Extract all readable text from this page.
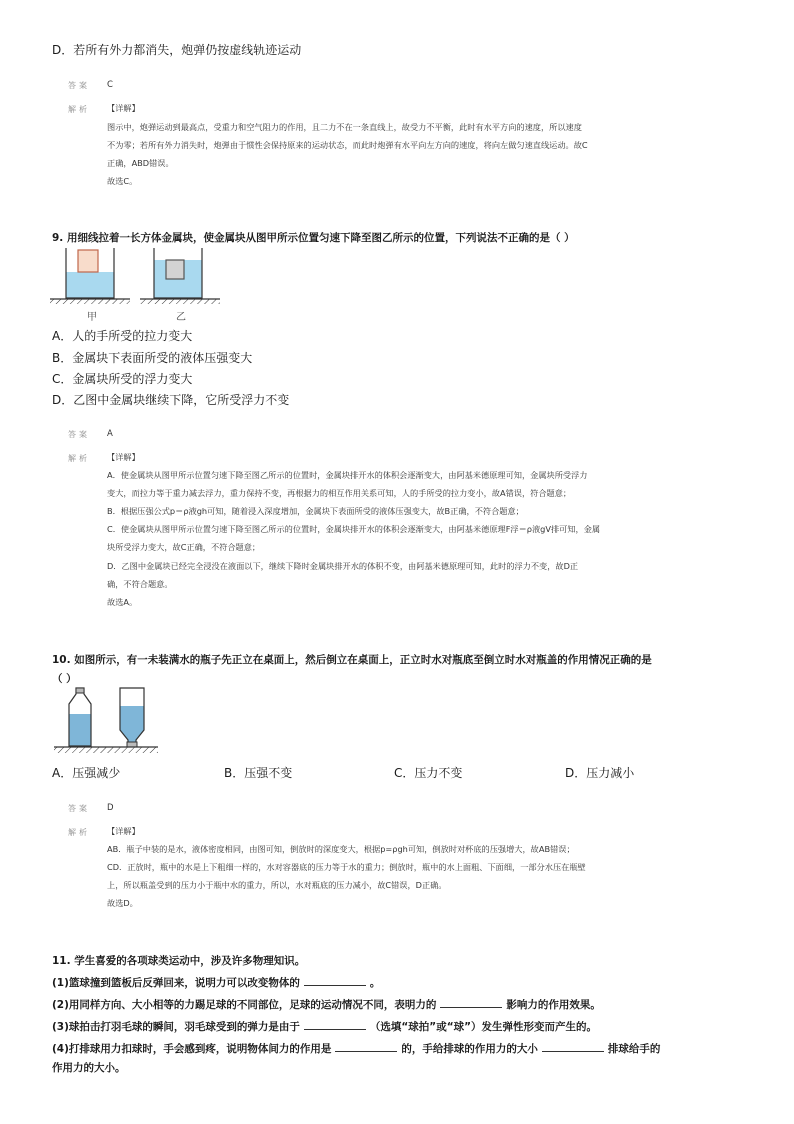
D．若所有外力都消失，炮弹仍按虚线轨迹运动
答案 C
解析 【详解】
图示中，炮弹运动到最高点，受重力和空气阻力的作用，且二力不在一条直线上，故受力不平衡，此时有水平方向的速度，所以速度
不为零；若所有外力消失时，炮弹由于惯性会保持原来的运动状态，而此时炮弹有水平向左方向的速度，将向左做匀速直线运动。故C
正确，ABD错误。
故选C。
9. 用细线拉着一长方体金属块，使金属块从图甲所示位置匀速下降至图乙所示的位置，下列说法不正确的是（ ）
甲	乙
A．人的手所受的拉力变大
B．金属块下表面所受的液体压强变大
C．金属块所受的浮力变大
D．乙图中金属块继续下降，它所受浮力不变
答案 A
解析 【详解】
A．使金属块从图甲所示位置匀速下降至图乙所示的位置时，金属块排开水的体积会逐渐变大，由阿基米德原理可知，金属块所受浮力
变大，而拉力等于重力减去浮力，重力保持不变，再根据力的相互作用关系可知，人的手所受的拉力变小，故A错误，符合题意；
B．根据压强公式p＝ρ液gh可知，随着浸入深度增加，金属块下表面所受的液体压强变大，故B正确，不符合题意；
C．使金属块从图甲所示位置匀速下降至图乙所示的位置时，金属块排开水的体积会逐渐变大，由阿基米德原理F浮＝ρ液gV排可知，金属
块所受浮力变大，故C正确，不符合题意；
D．乙图中金属块已经完全浸没在液面以下，继续下降时金属块排开水的体积不变，由阿基米德原理可知，此时的浮力不变，故D正
确，不符合题意。
故选A。
10. 如图所示，有一未装满水的瓶子先正立在桌面上，然后倒立在桌面上，正立时水对瓶底至倒立时水对瓶盖的作用情况正确的是
（ ）
A．压强减少	B．压强不变	C．压力不变	D．压力减小
答案 D
解析 【详解】
AB．瓶子中装的是水，液体密度相同，由图可知，倒放时的深度变大，根据p=ρgh可知，倒放时对杯底的压强增大，故AB错误；
CD．正放时，瓶中的水是上下粗细一样的，水对容器底的压力等于水的重力；倒放时，瓶中的水上面粗、下面细，一部分水压在瓶壁
上，所以瓶盖受到的压力小于瓶中水的重力，所以，水对瓶底的压力减小，故C错误，D正确。
故选D。
11. 学生喜爱的各项球类运动中，涉及许多物理知识。
(1)篮球撞到篮板后反弹回来，说明力可以改变物体的	。
(2)用同样方向、大小相等的力踢足球的不同部位，足球的运动情况不同，表明力的	影响力的作用效果。
(3)球拍击打羽毛球的瞬间，羽毛球受到的弹力是由于	（选填“球拍”或“球”）发生弹性形变而产生的。
(4)打排球用力扣球时，手会感到疼，说明物体间力的作用是	的，手给排球的作用力的大小	排球给手的
作用力的大小。
